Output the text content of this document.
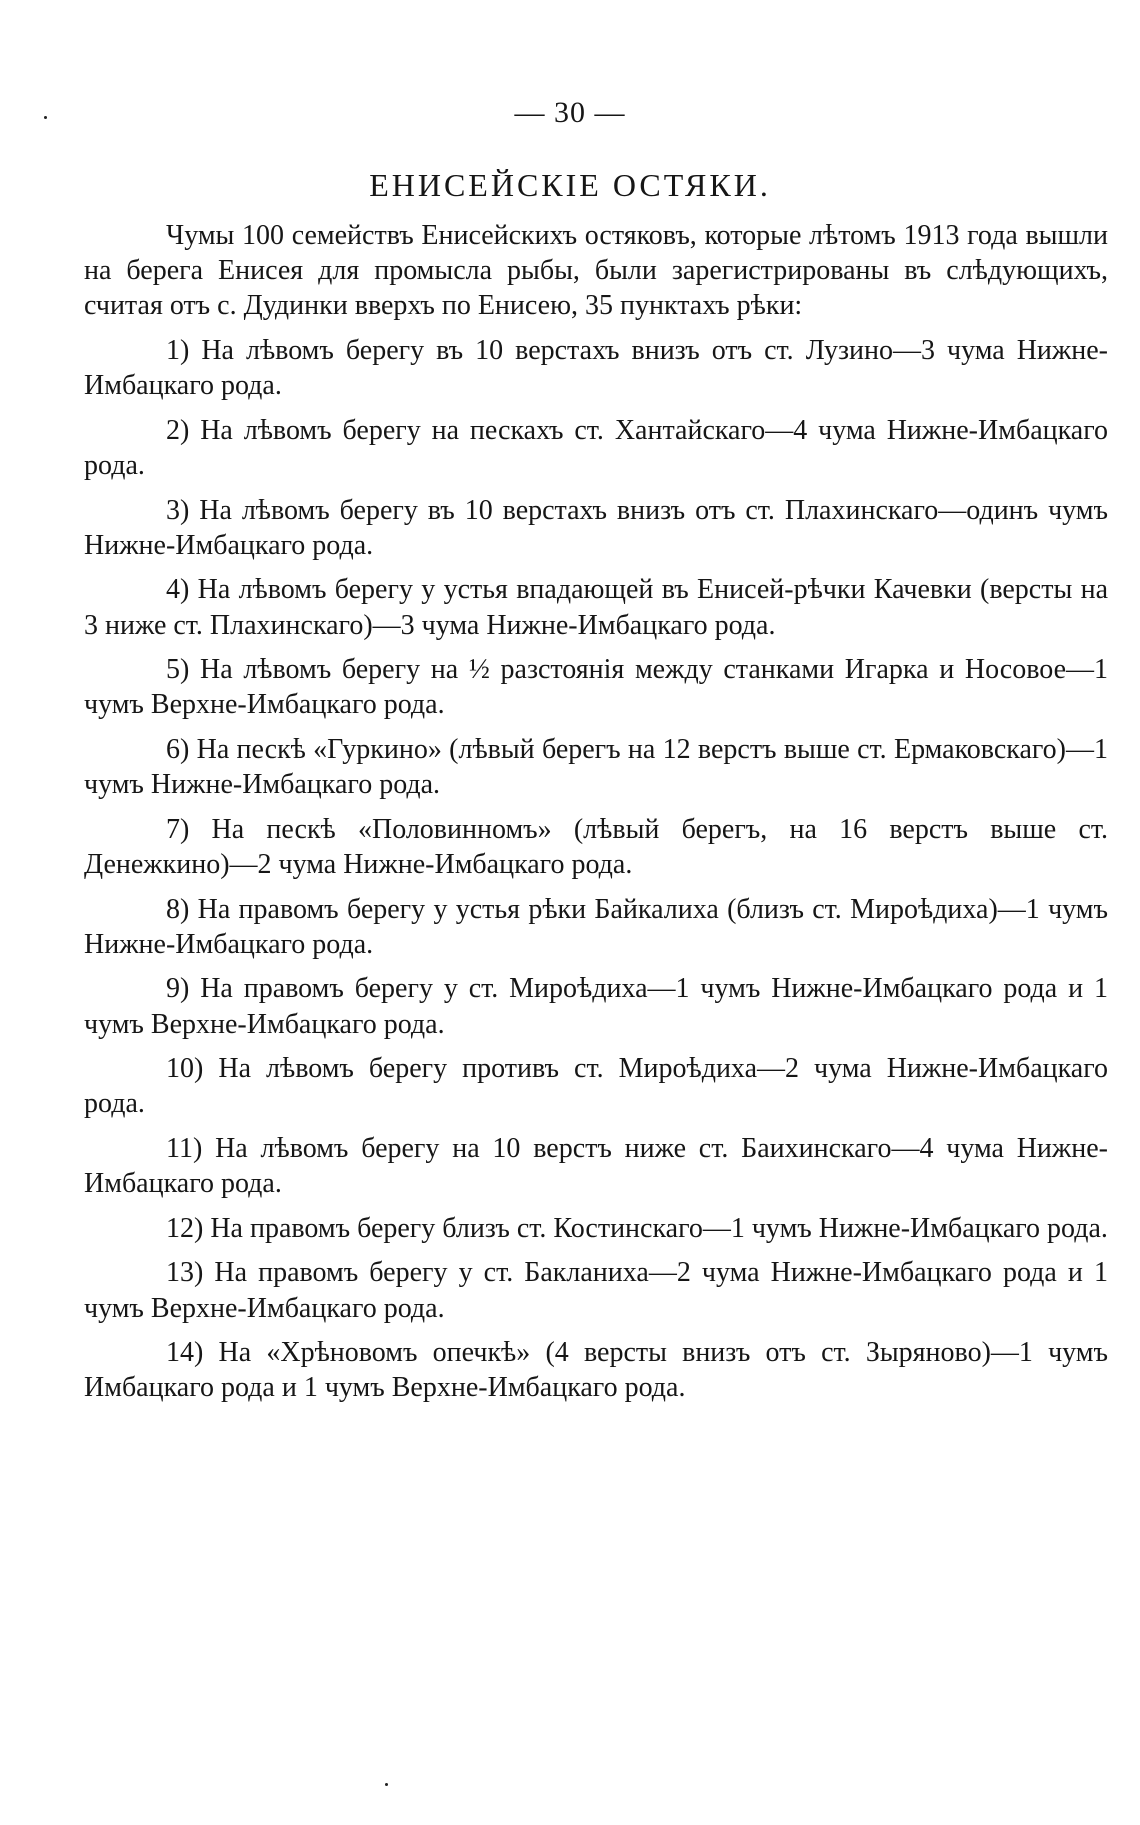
— 30 —
ЕНИСЕЙСКIЕ ОСТЯКИ.

Чумы 100 семействъ Енисейскихъ остяковъ, которые лѣтомъ 1913 года вышли на берега Енисея для промысла рыбы, были зарегистрированы въ слѣдующихъ, считая отъ с. Дудинки вверхъ по Енисею, 35 пунктахъ рѣки:

1) На лѣвомъ берегу въ 10 верстахъ внизъ отъ ст. Лузино—3 чума Нижне-Имбацкаго рода.

2) На лѣвомъ берегу на пескахъ ст. Хантайскаго—4 чума Нижне-Имбацкаго рода.

3) На лѣвомъ берегу въ 10 верстахъ внизъ отъ ст. Плахинскаго—одинъ чумъ Нижне-Имбацкаго рода.

4) На лѣвомъ берегу у устья впадающей въ Енисей-рѣчки Качевки (версты на 3 ниже ст. Плахинскаго)—3 чума Нижне-Имбацкаго рода.

5) На лѣвомъ берегу на ½ разстоянія между станками Игарка и Носовое—1 чумъ Верхне-Имбацкаго рода.

6) На пескѣ «Гуркино» (лѣвый берегъ на 12 верстъ выше ст. Ермаковскаго)—1 чумъ Нижне-Имбацкаго рода.

7) На пескѣ «Половинномъ» (лѣвый берегъ, на 16 верстъ выше ст. Денежкино)—2 чума Нижне-Имбацкаго рода.

8) На правомъ берегу у устья рѣки Байкалиха (близъ ст. Мироѣдиха)—1 чумъ Нижне-Имбацкаго рода.

9) На правомъ берегу у ст. Мироѣдиха—1 чумъ Нижне-Имбацкаго рода и 1 чумъ Верхне-Имбацкаго рода.

10) На лѣвомъ берегу противъ ст. Мироѣдиха—2 чума Нижне-Имбацкаго рода.

11) На лѣвомъ берегу на 10 верстъ ниже ст. Баихинскаго—4 чума Нижне-Имбацкаго рода.

12) На правомъ берегу близъ ст. Костинскаго—1 чумъ Нижне-Имбацкаго рода.

13) На правомъ берегу у ст. Бакланиха—2 чума Нижне-Имбацкаго рода и 1 чумъ Верхне-Имбацкаго рода.

14) На «Хрѣновомъ опечкѣ» (4 версты внизъ отъ ст. Зыряново)—1 чумъ Имбацкаго рода и 1 чумъ Верхне-Имбацкаго рода.
